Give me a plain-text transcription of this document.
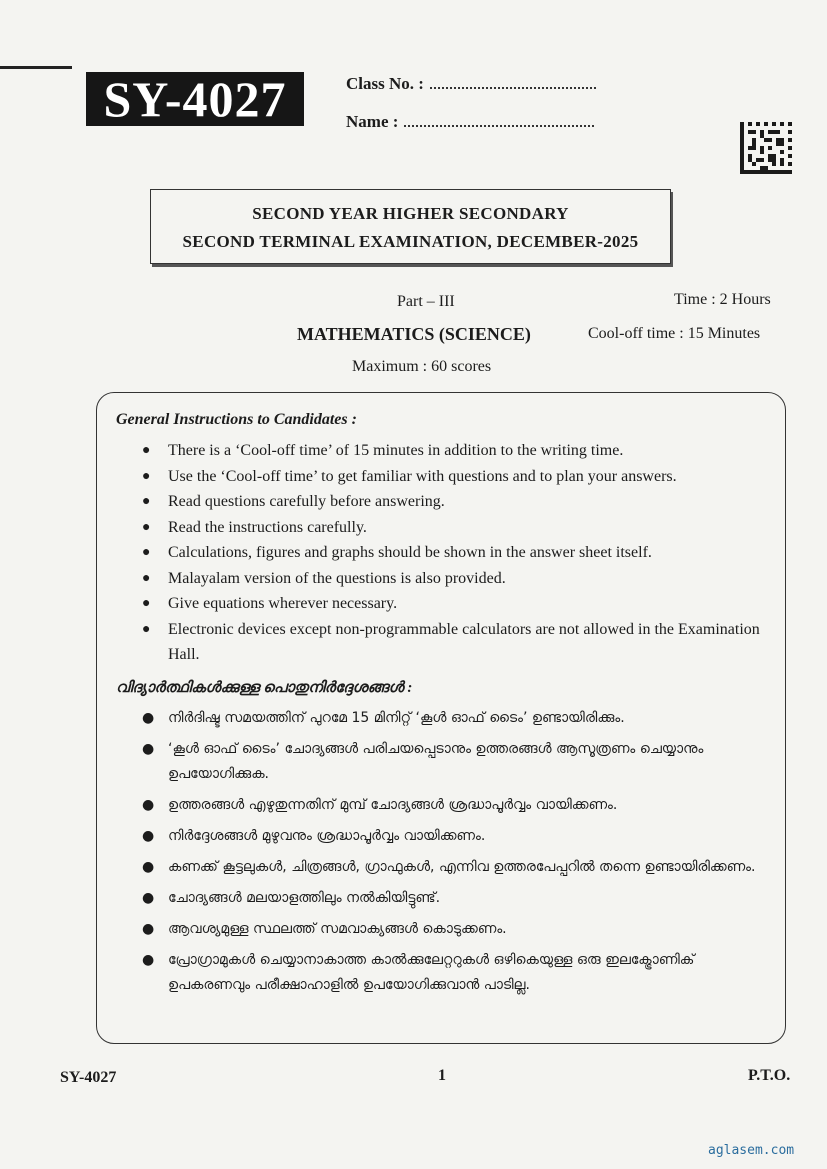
SY-4027	Class No. :
Name :
SECOND YEAR HIGHER SECONDARY
SECOND TERMINAL EXAMINATION, DECEMBER-2025
Part – III	Time : 2 Hours
MATHEMATICS (SCIENCE)	Cool-off time : 15 Minutes
Maximum : 60 scores
General Instructions to Candidates :
● There is a ‘Cool-off time’ of 15 minutes in addition to the writing time.
● Use the ‘Cool-off time’ to get familiar with questions and to plan your answers.
● Read questions carefully before answering.
● Read the instructions carefully.
● Calculations, figures and graphs should be shown in the answer sheet itself.
● Malayalam version of the questions is also provided.
● Give equations wherever necessary.
● Electronic devices except non-programmable calculators are not allowed in the Examination Hall.
വിദ്യാർത്ഥികൾക്കുള്ള പൊതുനിർദ്ദേശങ്ങൾ :
● നിർദിഷ്ട സമയത്തിന് പുറമേ 15 മിനിറ്റ് ‘കൂൾ ഓഫ് ടൈം’ ഉണ്ടായിരിക്കും.
● ‘കൂൾ ഓഫ് ടൈം’ ചോദ്യങ്ങൾ പരിചയപ്പെടാനും ഉത്തരങ്ങൾ ആസൂത്രണം ചെയ്യാനും ഉപയോഗിക്കുക.
● ഉത്തരങ്ങൾ എഴുതുന്നതിന് മുമ്പ് ചോദ്യങ്ങൾ ശ്രദ്ധാപൂർവ്വം വായിക്കണം.
● നിർദ്ദേശങ്ങൾ മുഴുവനും ശ്രദ്ധാപൂർവ്വം വായിക്കണം.
● കണക്ക് കൂട്ടലുകൾ, ചിത്രങ്ങൾ, ഗ്രാഫുകൾ, എന്നിവ ഉത്തരപേപ്പറിൽ തന്നെ ഉണ്ടായിരിക്കണം.
● ചോദ്യങ്ങൾ മലയാളത്തിലും നൽകിയിട്ടുണ്ട്.
● ആവശ്യമുള്ള സ്ഥലത്ത് സമവാക്യങ്ങൾ കൊടുക്കണം.
● പ്രോഗ്രാമുകൾ ചെയ്യാനാകാത്ത കാൽക്കുലേറ്ററുകൾ ഒഴികെയുള്ള ഒരു ഇലക്ട്രോണിക് ഉപകരണവും പരീക്ഷാഹാളിൽ ഉപയോഗിക്കുവാൻ പാടില്ല.
SY-4027	1	P.T.O.
aglasem.com
